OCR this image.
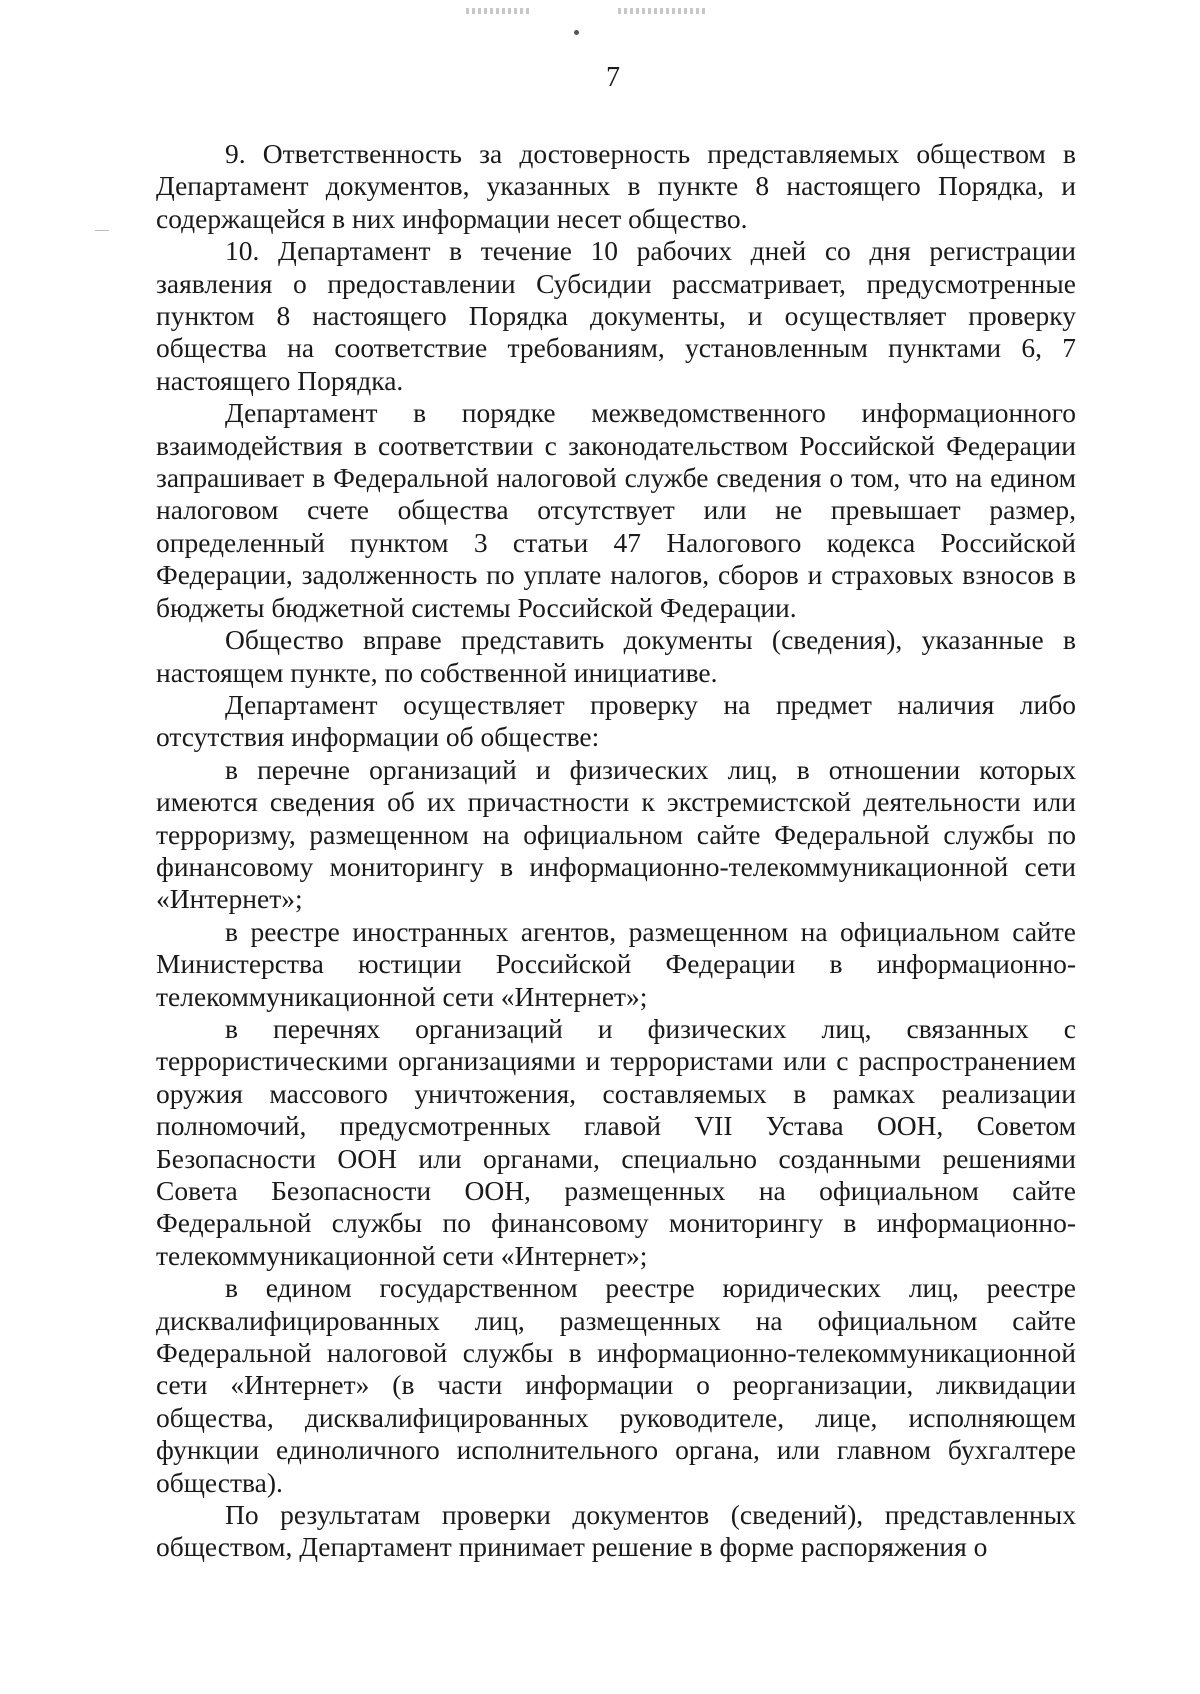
7

9. Ответственность за достоверность представляемых обществом в Департамент документов, указанных в пункте 8 настоящего Порядка, и содержащейся в них информации несет общество.

10. Департамент в течение 10 рабочих дней со дня регистрации заявления о предоставлении Субсидии рассматривает, предусмотренные пунктом 8 настоящего Порядка документы, и осуществляет проверку общества на соответствие требованиям, установленным пунктами 6, 7 настоящего Порядка.

Департамент в порядке межведомственного информационного взаимодействия в соответствии с законодательством Российской Федерации запрашивает в Федеральной налоговой службе сведения о том, что на едином налоговом счете общества отсутствует или не превышает размер, определенный пунктом 3 статьи 47 Налогового кодекса Российской Федерации, задолженность по уплате налогов, сборов и страховых взносов в бюджеты бюджетной системы Российской Федерации.

Общество вправе представить документы (сведения), указанные в настоящем пункте, по собственной инициативе.

Департамент осуществляет проверку на предмет наличия либо отсутствия информации об обществе:

в перечне организаций и физических лиц, в отношении которых имеются сведения об их причастности к экстремистской деятельности или терроризму, размещенном на официальном сайте Федеральной службы по финансовому мониторингу в информационно-телекоммуникационной сети «Интернет»;

в реестре иностранных агентов, размещенном на официальном сайте Министерства юстиции Российской Федерации в информационно-телекоммуникационной сети «Интернет»;

в перечнях организаций и физических лиц, связанных с террористическими организациями и террористами или с распространением оружия массового уничтожения, составляемых в рамках реализации полномочий, предусмотренных главой VII Устава ООН, Советом Безопасности ООН или органами, специально созданными решениями Совета Безопасности ООН, размещенных на официальном сайте Федеральной службы по финансовому мониторингу в информационно-телекоммуникационной сети «Интернет»;

в едином государственном реестре юридических лиц, реестре дисквалифицированных лиц, размещенных на официальном сайте Федеральной налоговой службы в информационно-телекоммуникационной сети «Интернет» (в части информации о реорганизации, ликвидации общества, дисквалифицированных руководителе, лице, исполняющем функции единоличного исполнительного органа, или главном бухгалтере общества).

По результатам проверки документов (сведений), представленных обществом, Департамент принимает решение в форме распоряжения о
